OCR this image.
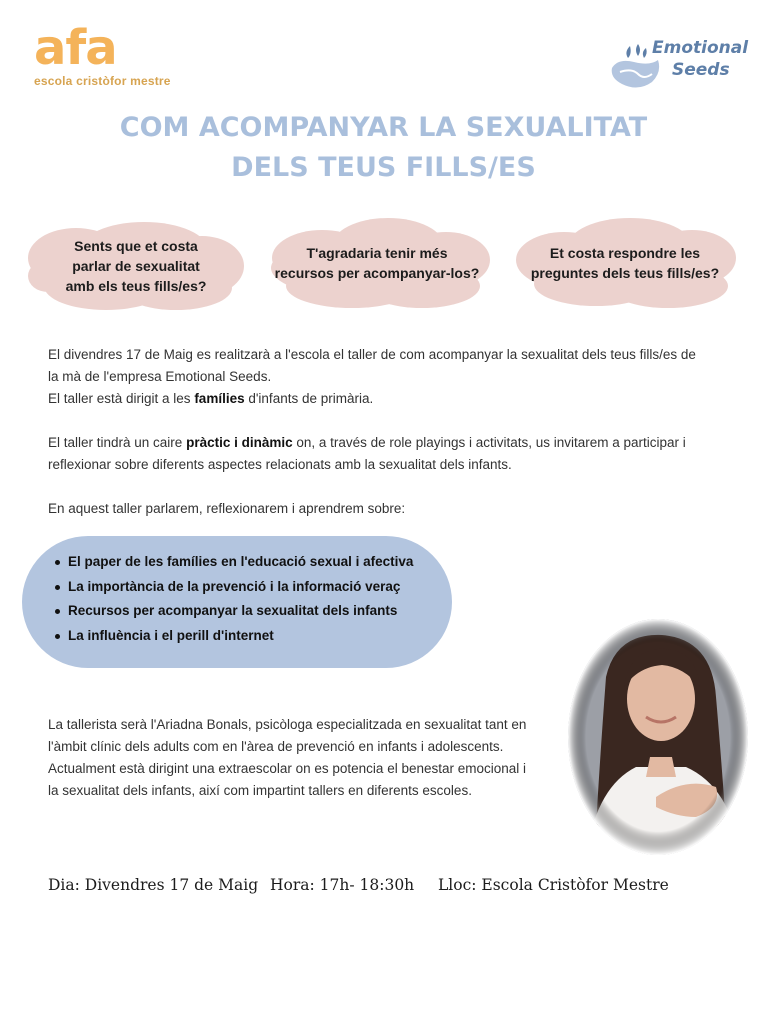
afa
escola cristòfor mestre
Emotional
Seeds
COM ACOMPANYAR LA SEXUALITAT
DELS TEUS FILLS/ES
Sents que et costa
parlar de sexualitat
amb els teus fills/es?
T'agradaria tenir més
recursos per acompanyar-los?
Et costa respondre les
preguntes dels teus fills/es?
El divendres 17 de Maig es realitzarà a l'escola el taller de com acompanyar la sexualitat dels teus fills/es de
la mà de l'empresa Emotional Seeds.
El taller està dirigit a les famílies d'infants de primària.
El taller tindrà un caire pràctic i dinàmic on, a través de role playings i activitats, us invitarem a participar i
reflexionar sobre diferents aspectes relacionats amb la sexualitat dels infants.
En aquest taller parlarem, reflexionarem i aprendrem sobre:
El paper de les famílies en l'educació sexual i afectiva
La importància de la prevenció i la informació veraç
Recursos per acompanyar la sexualitat dels infants
La influència i el perill d'internet
La tallerista serà l'Ariadna Bonals, psicòloga especialitzada en sexualitat tant en
l'àmbit clínic dels adults com en l'àrea de prevenció en infants i adolescents.
Actualment està dirigint una extraescolar on es potencia el benestar emocional i
la sexualitat dels infants, així com impartint tallers en diferents escoles.
Dia: Divendres 17 de Maig Hora: 17h- 18:30h Lloc: Escola Cristòfor Mestre
